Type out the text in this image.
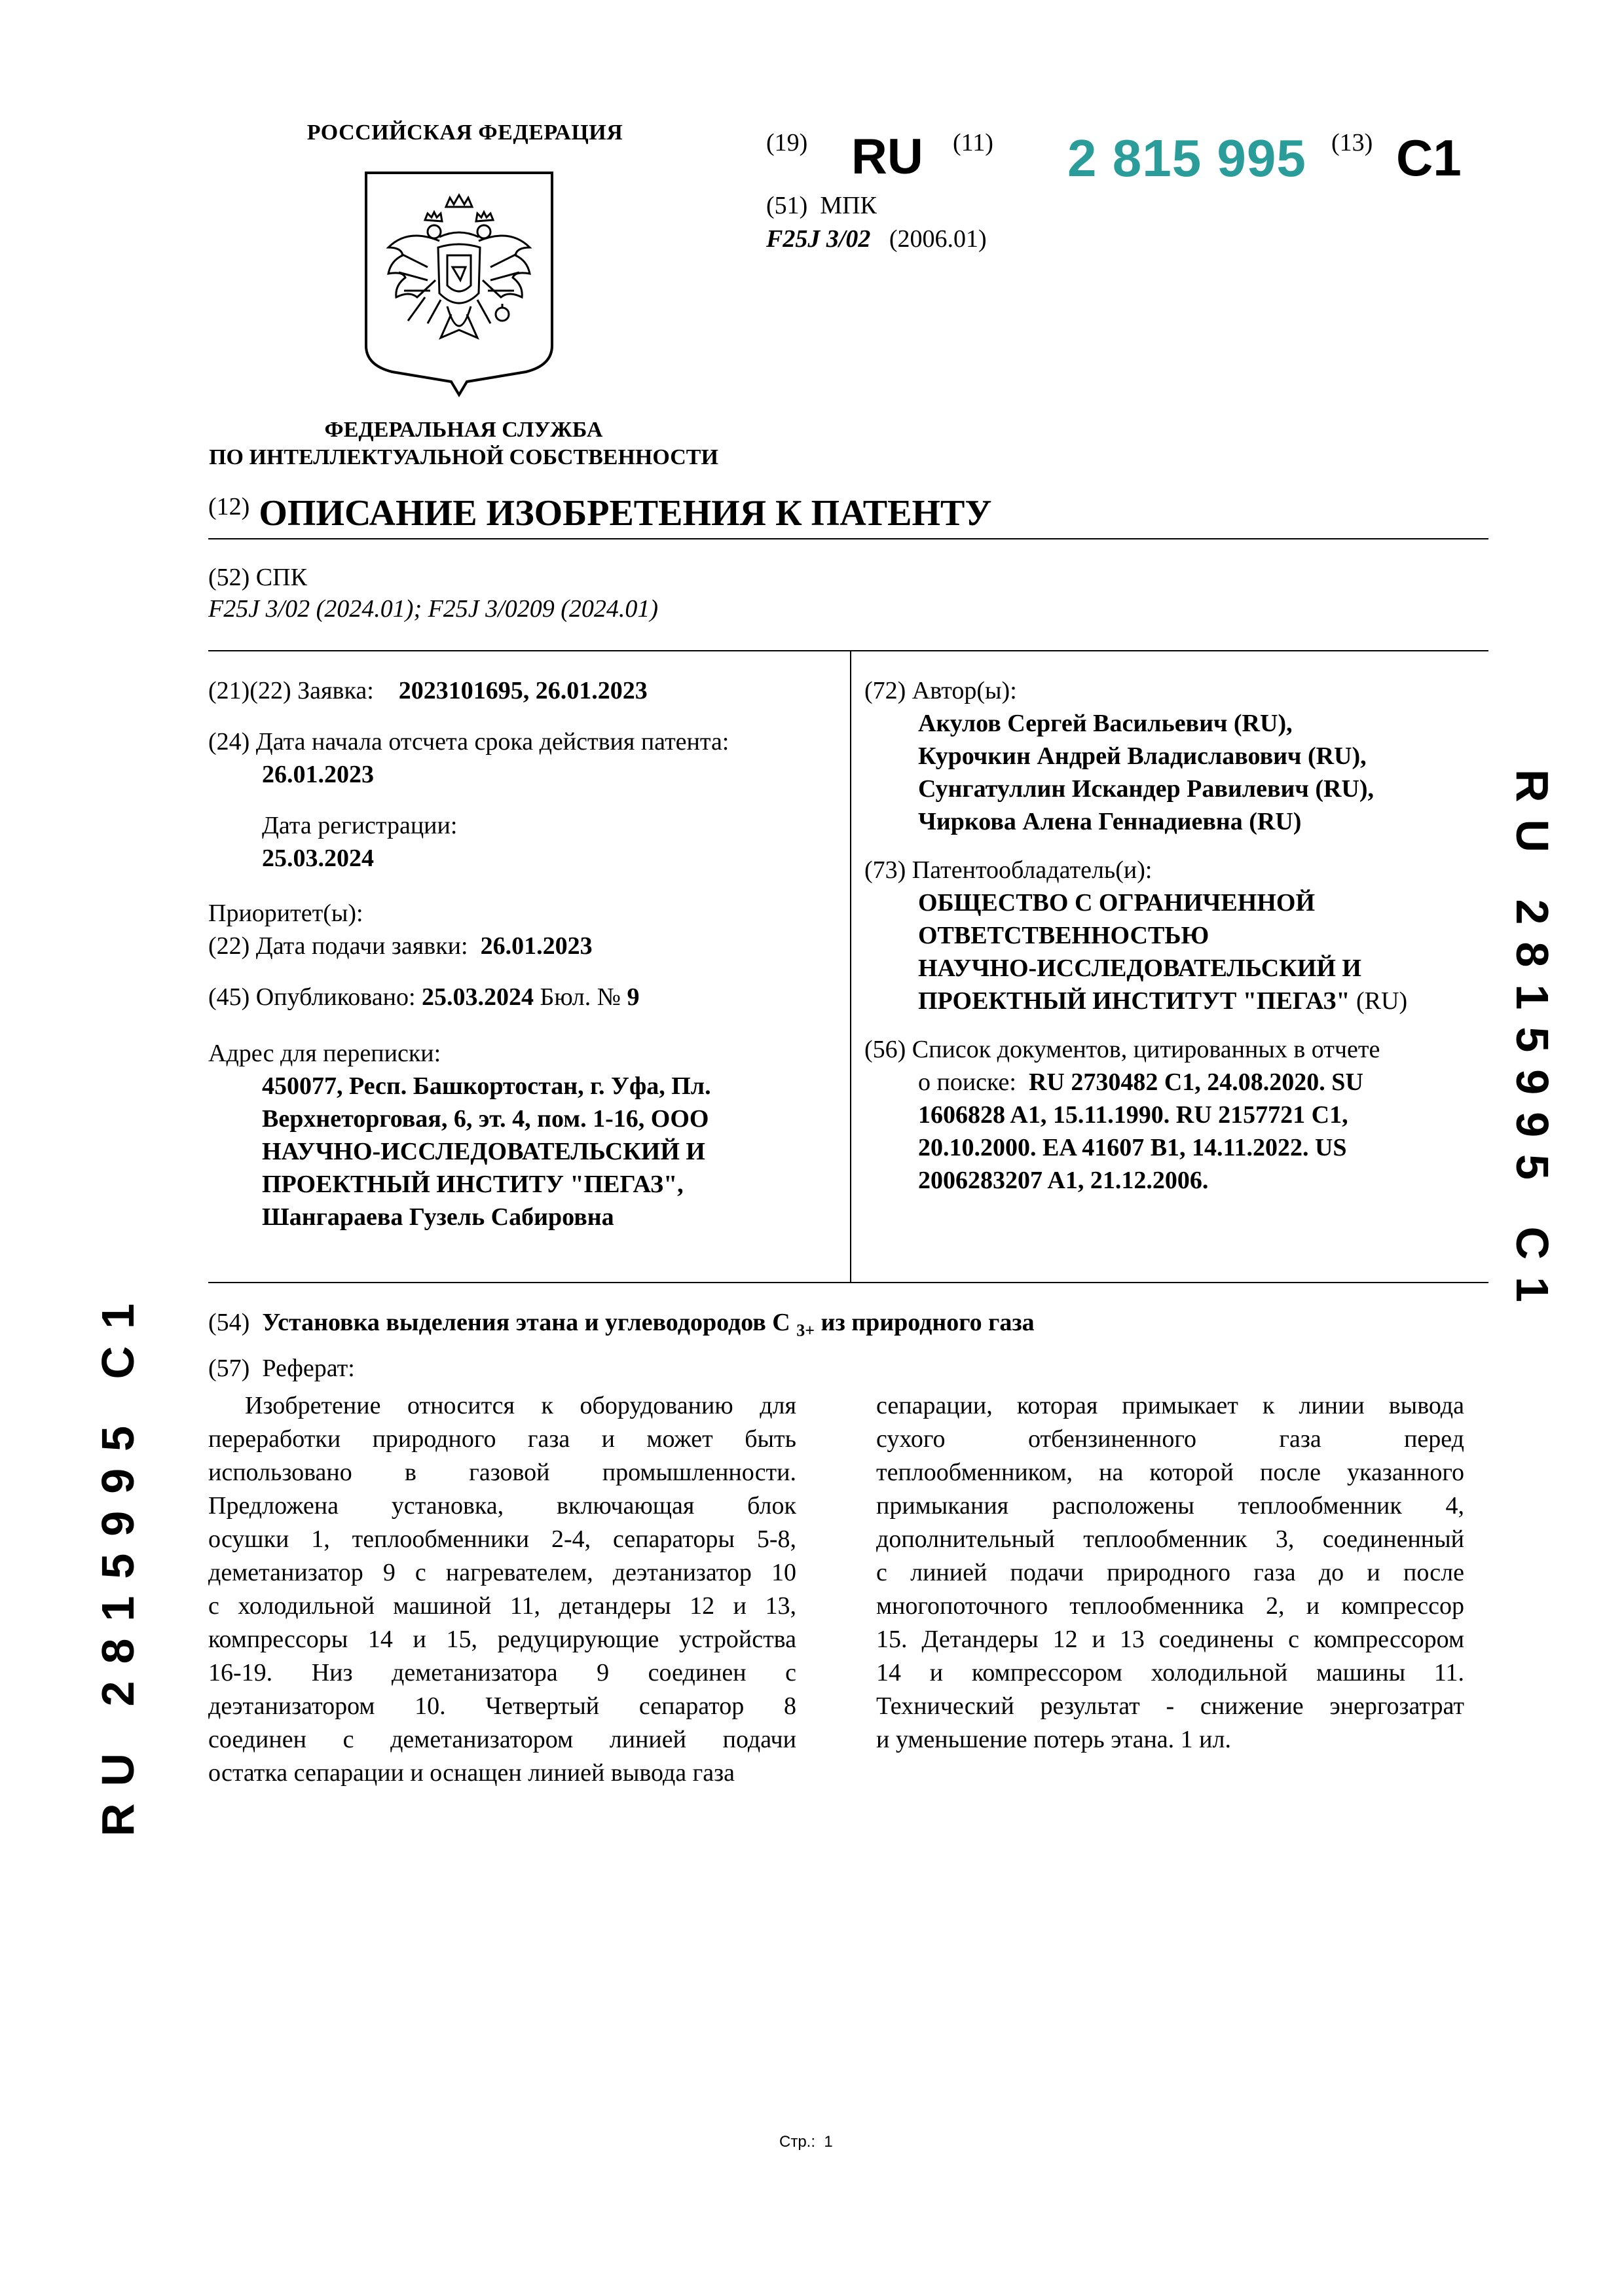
РОССИЙСКАЯ ФЕДЕРАЦИЯ
ФЕДЕРАЛЬНАЯ СЛУЖБА
ПО ИНТЕЛЛЕКТУАЛЬНОЙ СОБСТВЕННОСТИ
(19) RU (11) 2 815 995 (13) C1
(51) МПК
F25J 3/02 (2006.01)
$^{(12)}$ ОПИСАНИЕ ИЗОБРЕТЕНИЯ К ПАТЕНТУ
(52) СПК
F25J 3/02 (2024.01); F25J 3/0209 (2024.01)
(21)(22) Заявка: 2023101695, 26.01.2023
(24) Дата начала отсчета срока действия патента:
26.01.2023
Дата регистрации:
25.03.2024
Приоритет(ы):
(22) Дата подачи заявки: 26.01.2023
(45) Опубликовано: 25.03.2024 Бюл. № 9
Адрес для переписки:
450077, Респ. Башкортостан, г. Уфа, Пл.
Верхнеторговая, 6, эт. 4, пом. 1-16, ООО
НАУЧНО-ИССЛЕДОВАТЕЛЬСКИЙ И
ПРОЕКТНЫЙ ИНСТИТУ "ПЕГАЗ",
Шангараева Гузель Сабировна
(72) Автор(ы):
Акулов Сергей Васильевич (RU),
Курочкин Андрей Владиславович (RU),
Сунгатуллин Искандер Равилевич (RU),
Чиркова Алена Геннадиевна (RU)
(73) Патентообладатель(и):
ОБЩЕСТВО С ОГРАНИЧЕННОЙ
ОТВЕТСТВЕННОСТЬЮ
НАУЧНО-ИССЛЕДОВАТЕЛЬСКИЙ И
ПРОЕКТНЫЙ ИНСТИТУТ "ПЕГАЗ" (RU)
(56) Список документов, цитированных в отчете
о поиске: RU 2730482 C1, 24.08.2020. SU
1606828 A1, 15.11.1990. RU 2157721 C1,
20.10.2000. EA 41607 B1, 14.11.2022. US
2006283207 A1, 21.12.2006.	RU 2815995 C1
RU 2815995 C1	(54) Установка выделения этана и углеводородов С $_{3+}$ из природного газа
(57) Реферат:
Изобретение относится к оборудованию для
переработки природного газа и может быть
использовано в газовой промышленности.
Предложена установка, включающая блок
осушки 1, теплообменники 2-4, сепараторы 5-8,
деметанизатор 9 с нагревателем, деэтанизатор 10
с холодильной машиной 11, детандеры 12 и 13,
компрессоры 14 и 15, редуцирующие устройства
16-19. Низ деметанизатора 9 соединен с
деэтанизатором 10. Четвертый сепаратор 8
соединен с деметанизатором линией подачи
остатка сепарации и оснащен линией вывода газа
сепарации, которая примыкает к линии вывода
сухого отбензиненного газа перед
теплообменником, на которой после указанного
примыкания расположены теплообменник 4,
дополнительный теплообменник 3, соединенный
с линией подачи природного газа до и после
многопоточного теплообменника 2, и компрессор
15. Детандеры 12 и 13 соединены с компрессором
14 и компрессором холодильной машины 11.
Технический результат - снижение энергозатрат
и уменьшение потерь этана. 1 ил.
Стр.: 1
